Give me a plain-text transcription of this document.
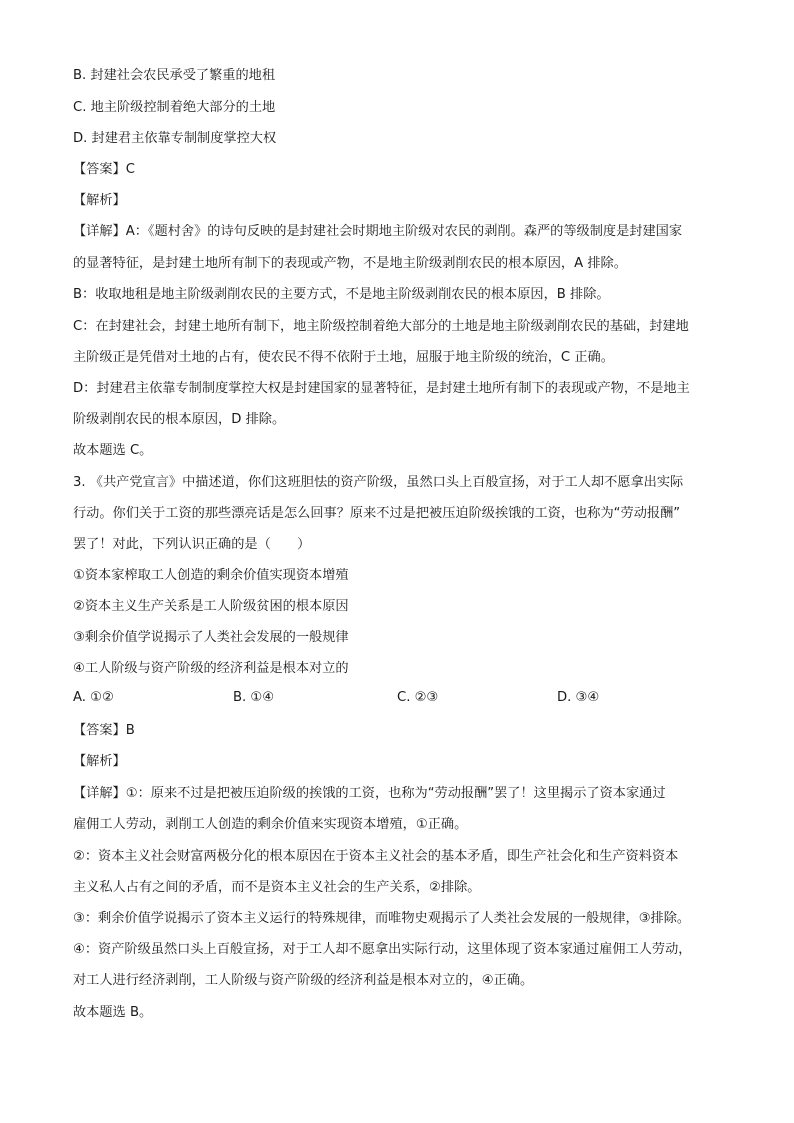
B. 封建社会农民承受了繁重的地租
C. 地主阶级控制着绝大部分的土地
D. 封建君主依靠专制制度掌控大权
【答案】C
【解析】
【详解】A：《题村舍》的诗句反映的是封建社会时期地主阶级对农民的剥削。森严的等级制度是封建国家
的显著特征，是封建土地所有制下的表现或产物，不是地主阶级剥削农民的根本原因，A 排除。
B：收取地租是地主阶级剥削农民的主要方式，不是地主阶级剥削农民的根本原因，B 排除。
C：在封建社会，封建土地所有制下，地主阶级控制着绝大部分的土地是地主阶级剥削农民的基础，封建地
主阶级正是凭借对土地的占有，使农民不得不依附于土地，屈服于地主阶级的统治，C 正确。
D：封建君主依靠专制制度掌控大权是封建国家的显著特征，是封建土地所有制下的表现或产物，不是地主
阶级剥削农民的根本原因，D 排除。
故本题选 C。
3. 《共产党宣言》中描述道，你们这班胆怯的资产阶级，虽然口头上百般宣扬，对于工人却不愿拿出实际
行动。你们关于工资的那些漂亮话是怎么回事？原来不过是把被压迫阶级挨饿的工资，也称为“劳动报酬”
罢了！对此，下列认识正确的是（　　）
①资本家榨取工人创造的剩余价值实现资本增殖
②资本主义生产关系是工人阶级贫困的根本原因
③剩余价值学说揭示了人类社会发展的一般规律
④工人阶级与资产阶级的经济利益是根本对立的
A. ①②	B. ①④	C. ②③	D. ③④
【答案】B
【解析】
【详解】①：原来不过是把被压迫阶级的挨饿的工资，也称为“劳动报酬”罢了！这里揭示了资本家通过
雇佣工人劳动，剥削工人创造的剩余价值来实现资本增殖，①正确。
②：资本主义社会财富两极分化的根本原因在于资本主义社会的基本矛盾，即生产社会化和生产资料资本
主义私人占有之间的矛盾，而不是资本主义社会的生产关系，②排除。
③：剩余价值学说揭示了资本主义运行的特殊规律，而唯物史观揭示了人类社会发展的一般规律，③排除。
④：资产阶级虽然口头上百般宣扬，对于工人却不愿拿出实际行动，这里体现了资本家通过雇佣工人劳动，
对工人进行经济剥削，工人阶级与资产阶级的经济利益是根本对立的，④正确。
故本题选 B。
